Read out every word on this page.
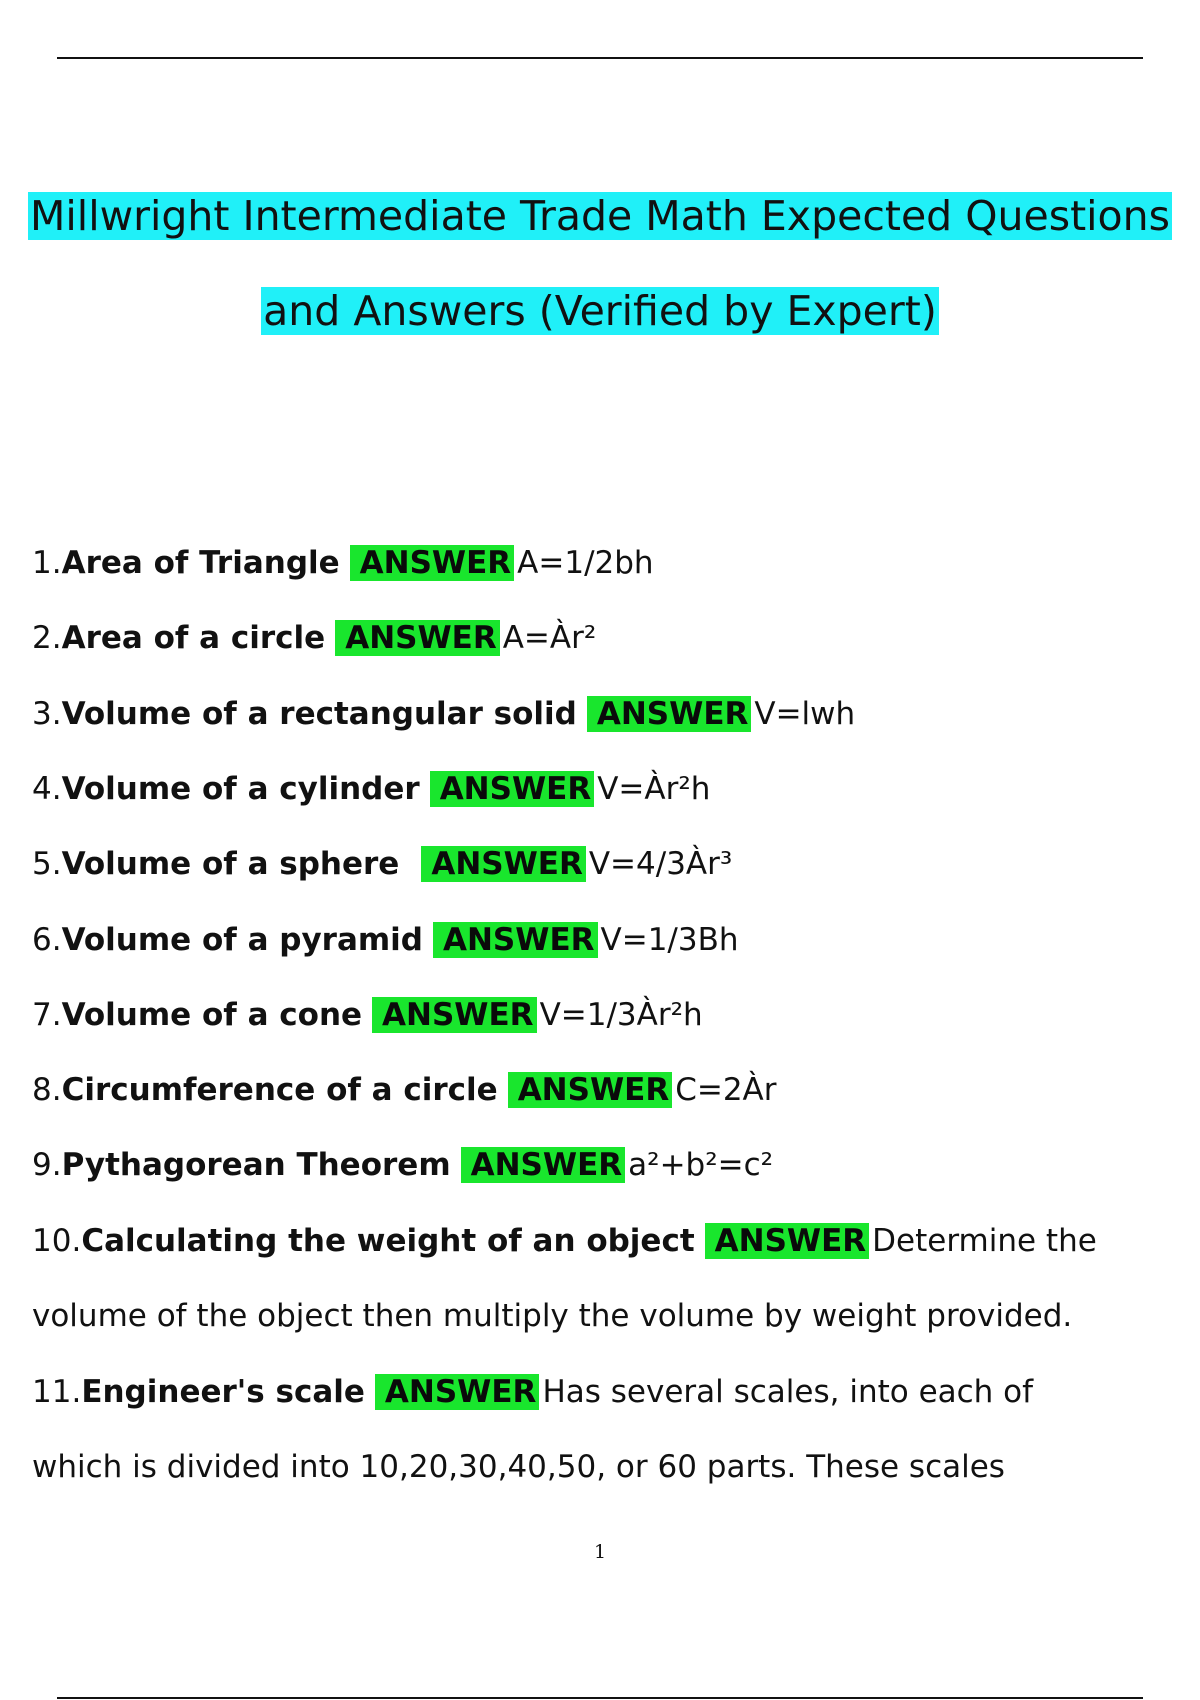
Millwright Intermediate Trade Math Expected Questions
and Answers (Verified by Expert)
1.Area of Triangle ANSWER A=1/2bh
2.Area of a circle ANSWER A=Àr²
3.Volume of a rectangular solid ANSWER V=lwh
4.Volume of a cylinder ANSWER V=Àr²h
5.Volume of a sphere ANSWER V=4/3Àr³
6.Volume of a pyramid ANSWER V=1/3Bh
7.Volume of a cone ANSWER V=1/3Àr²h
8.Circumference of a circle ANSWER C=2Àr
9.Pythagorean Theorem ANSWER a²+b²=c²
10.Calculating the weight of an object ANSWER Determine the
volume of the object then multiply the volume by weight provided.
11.Engineer's scale ANSWER Has several scales, into each of
which is divided into 10,20,30,40,50, or 60 parts. These scales
1
